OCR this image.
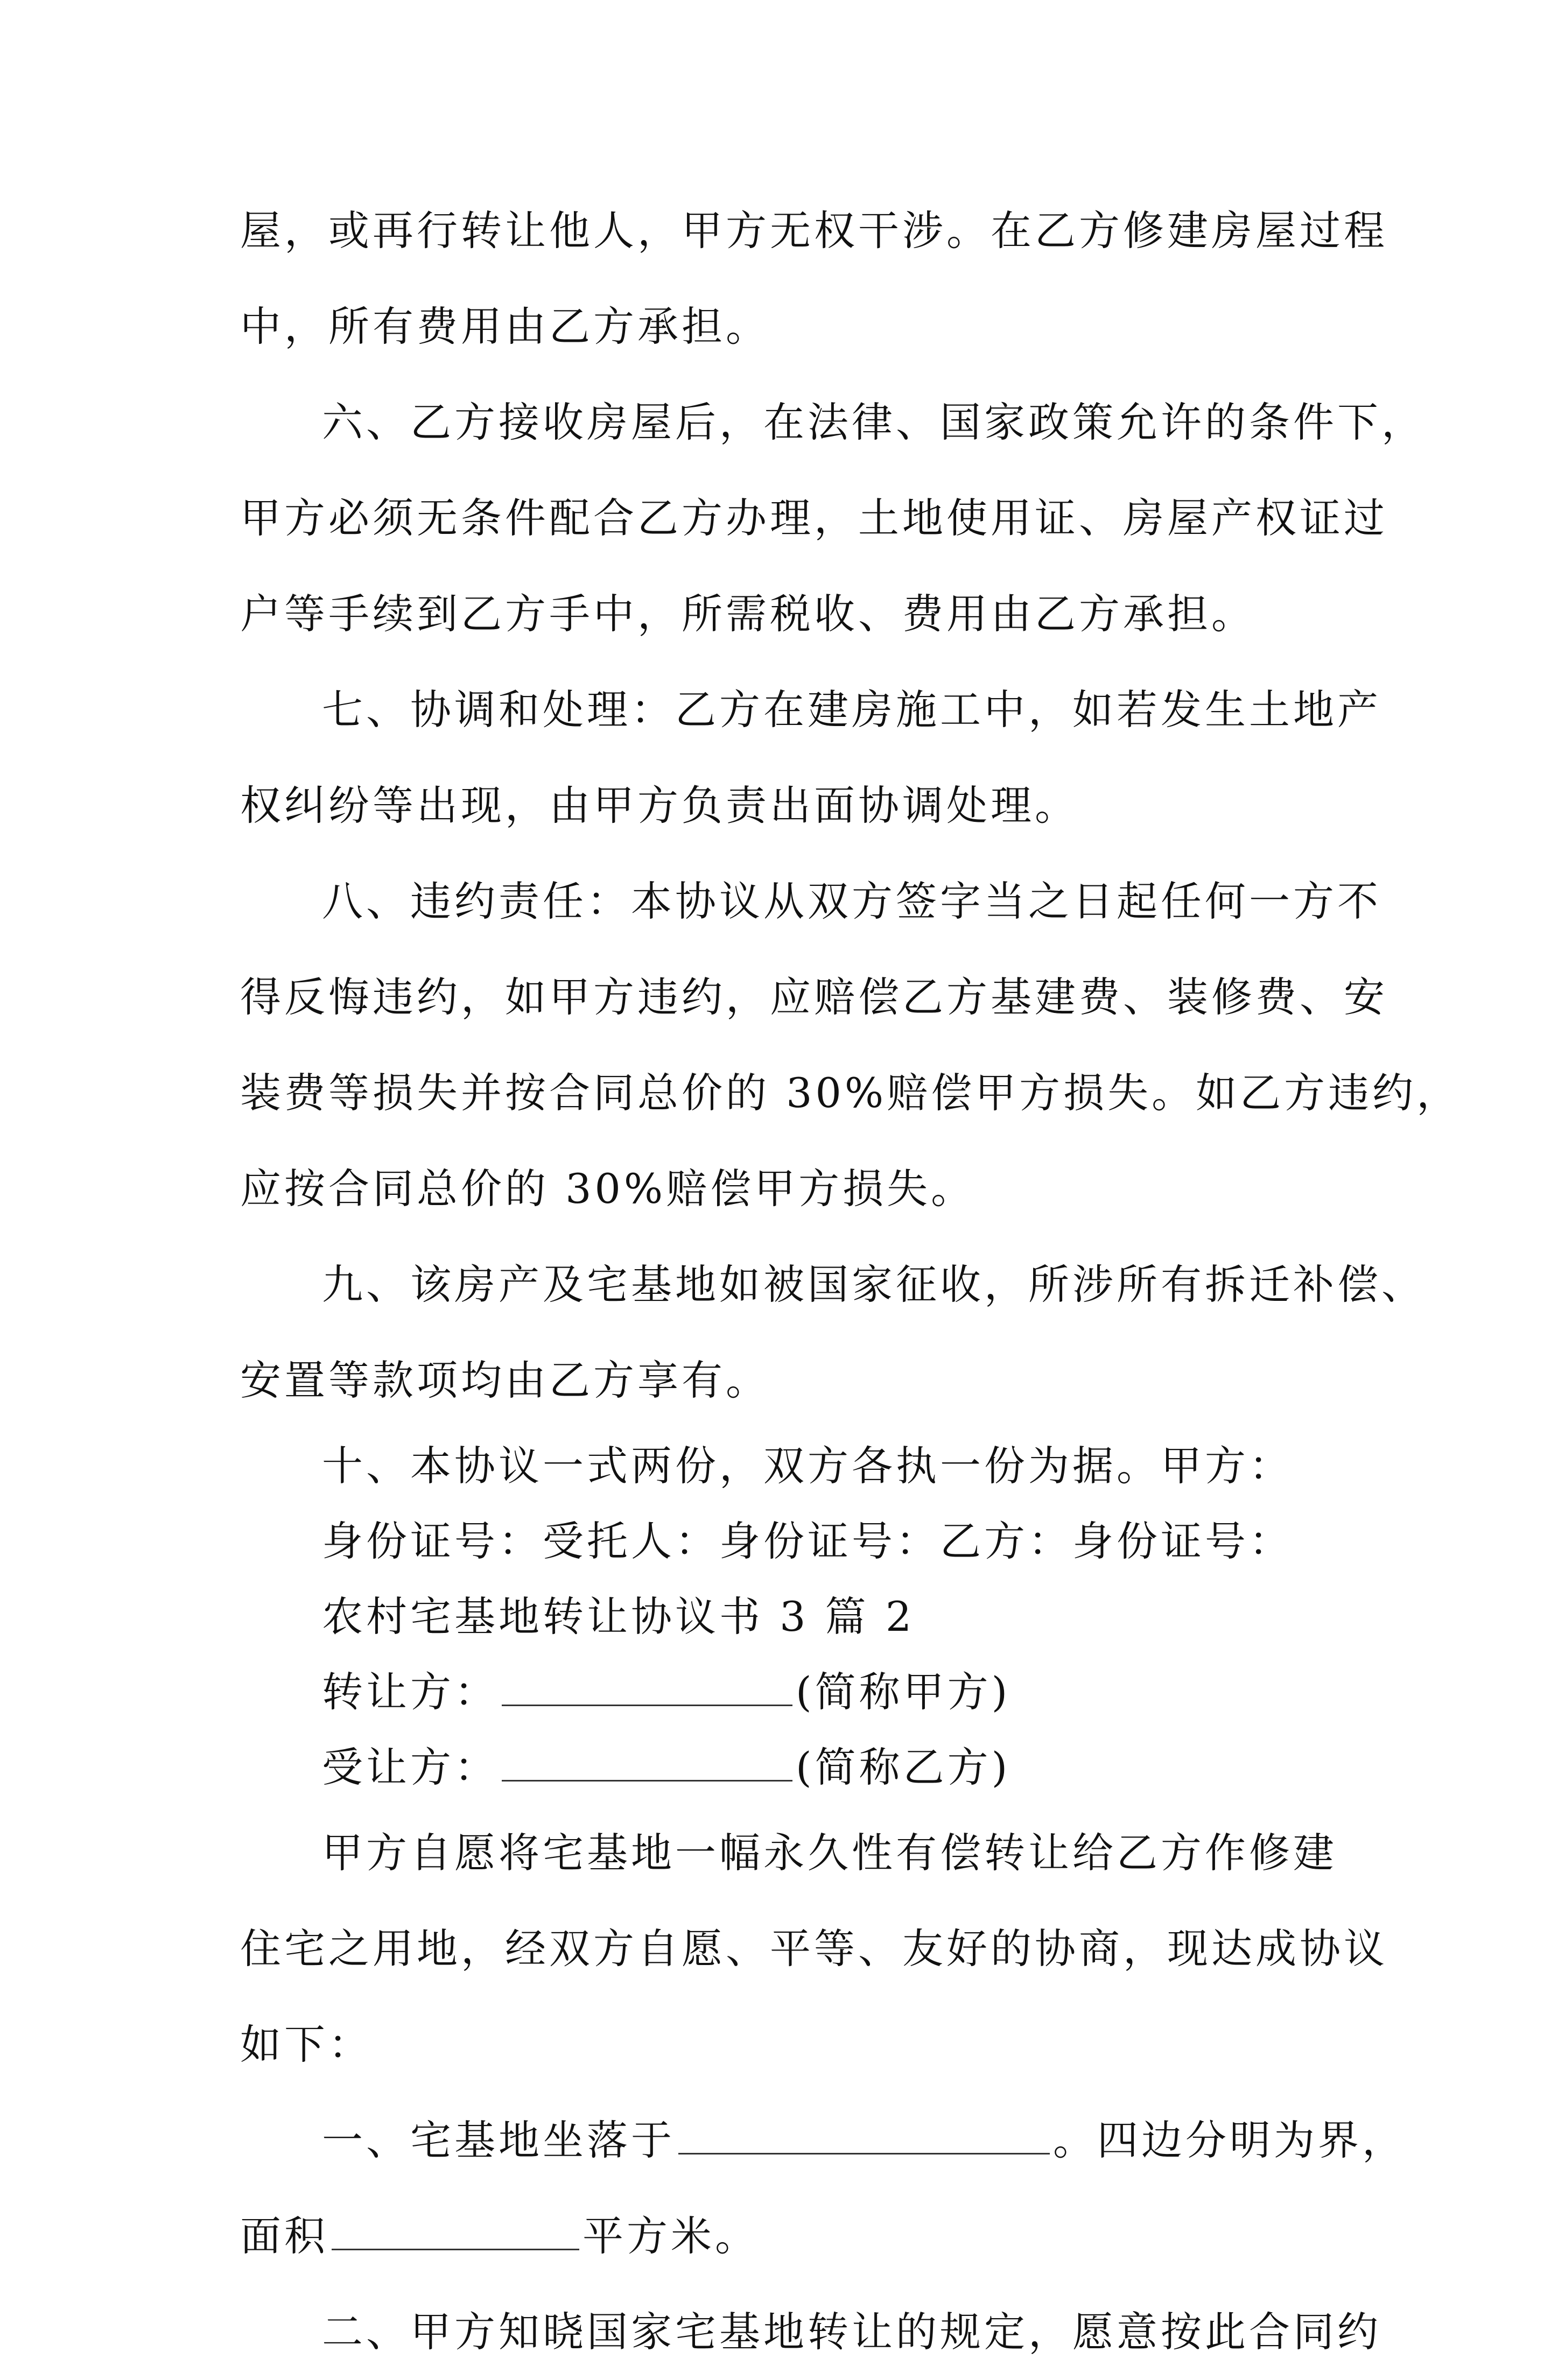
屋，或再行转让他人，甲方无权干涉。在乙方修建房屋过程
中，所有费用由乙方承担。
六、乙方接收房屋后，在法律、国家政策允许的条件下，
甲方必须无条件配合乙方办理，土地使用证、房屋产权证过
户等手续到乙方手中，所需税收、费用由乙方承担。
七、协调和处理：乙方在建房施工中，如若发生土地产
权纠纷等出现，由甲方负责出面协调处理。
八、违约责任：本协议从双方签字当之日起任何一方不
得反悔违约，如甲方违约，应赔偿乙方基建费、装修费、安
装费等损失并按合同总价的 30%赔偿甲方损失。如乙方违约，
应按合同总价的 30%赔偿甲方损失。
九、该房产及宅基地如被国家征收，所涉所有拆迁补偿、
安置等款项均由乙方享有。
十、本协议一式两份，双方各执一份为据。甲方：
身份证号：受托人：身份证号：乙方：身份证号：
农村宅基地转让协议书 3 篇 2
转让方：	(简称甲方)
受让方：	(简称乙方)
甲方自愿将宅基地一幅永久性有偿转让给乙方作修建
住宅之用地，经双方自愿、平等、友好的协商，现达成协议
如下：
一、宅基地坐落于	。四边分明为界，
面积	平方米。
二、甲方知晓国家宅基地转让的规定，愿意按此合同约
